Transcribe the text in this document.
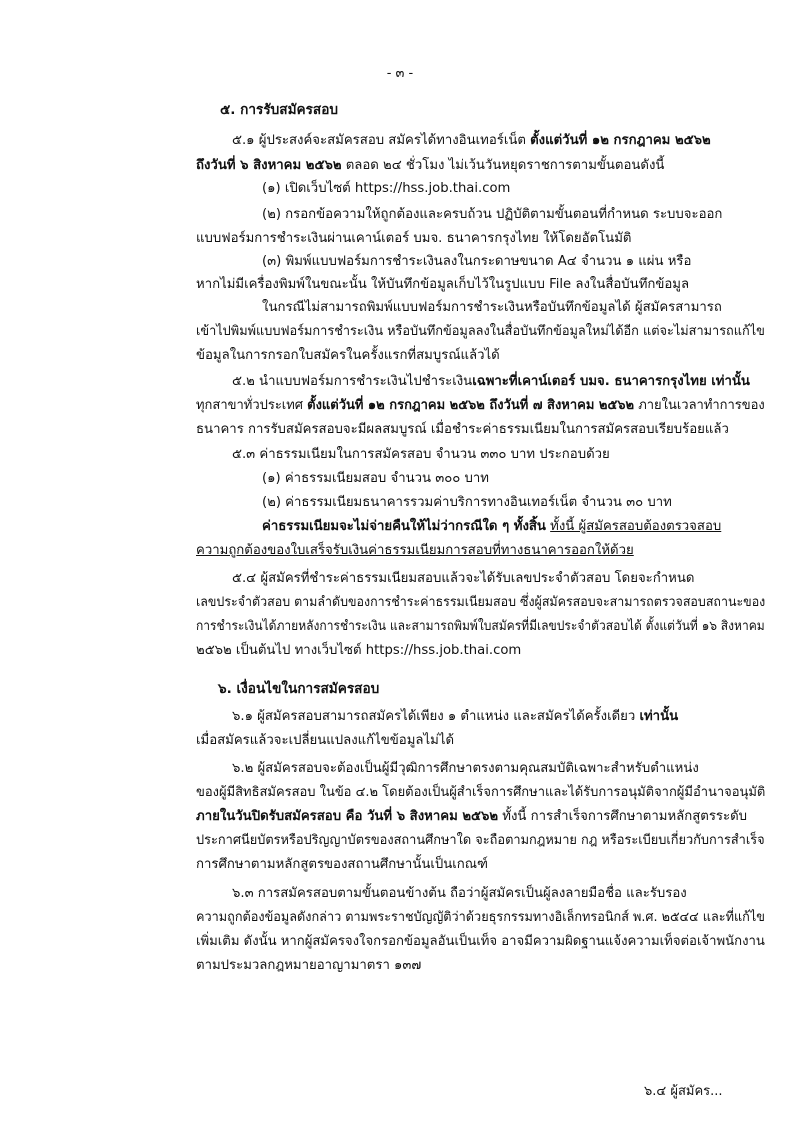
- ๓ -
๕. การรับสมัครสอบ
๕.๑ ผู้ประสงค์จะสมัครสอบ สมัครได้ทางอินเทอร์เน็ต ตั้งแต่วันที่ ๑๒ กรกฎาคม ๒๕๖๒
ถึงวันที่ ๖ สิงหาคม ๒๕๖๒ ตลอด ๒๔ ชั่วโมง ไม่เว้นวันหยุดราชการตามขั้นตอนดังนี้
(๑) เปิดเว็บไซต์ https://hss.job.thai.com
(๒) กรอกข้อความให้ถูกต้องและครบถ้วน ปฏิบัติตามขั้นตอนที่กำหนด ระบบจะออก
แบบฟอร์มการชำระเงินผ่านเคาน์เตอร์ บมจ. ธนาคารกรุงไทย ให้โดยอัตโนมัติ
(๓) พิมพ์แบบฟอร์มการชำระเงินลงในกระดาษขนาด A๔ จำนวน ๑ แผ่น หรือ
หากไม่มีเครื่องพิมพ์ในขณะนั้น ให้บันทึกข้อมูลเก็บไว้ในรูปแบบ File ลงในสื่อบันทึกข้อมูล
ในกรณีไม่สามารถพิมพ์แบบฟอร์มการชำระเงินหรือบันทึกข้อมูลได้ ผู้สมัครสามารถ
เข้าไปพิมพ์แบบฟอร์มการชำระเงิน หรือบันทึกข้อมูลลงในสื่อบันทึกข้อมูลใหม่ได้อีก แต่จะไม่สามารถแก้ไข
ข้อมูลในการกรอกใบสมัครในครั้งแรกที่สมบูรณ์แล้วได้
๕.๒ นำแบบฟอร์มการชำระเงินไปชำระเงินเฉพาะที่เคาน์เตอร์ บมจ. ธนาคารกรุงไทย เท่านั้น
ทุกสาขาทั่วประเทศ ตั้งแต่วันที่ ๑๒ กรกฎาคม ๒๕๖๒ ถึงวันที่ ๗ สิงหาคม ๒๕๖๒ ภายในเวลาทำการของ
ธนาคาร การรับสมัครสอบจะมีผลสมบูรณ์ เมื่อชำระค่าธรรมเนียมในการสมัครสอบเรียบร้อยแล้ว
๕.๓ ค่าธรรมเนียมในการสมัครสอบ จำนวน ๓๓๐ บาท ประกอบด้วย
(๑) ค่าธรรมเนียมสอบ จำนวน ๓๐๐ บาท
(๒) ค่าธรรมเนียมธนาคารรวมค่าบริการทางอินเทอร์เน็ต จำนวน ๓๐ บาท
ค่าธรรมเนียมจะไม่จ่ายคืนให้ไม่ว่ากรณีใด ๆ ทั้งสิ้น ทั้งนี้ ผู้สมัครสอบต้องตรวจสอบ
ความถูกต้องของใบเสร็จรับเงินค่าธรรมเนียมการสอบที่ทางธนาคารออกให้ด้วย
๕.๔ ผู้สมัครที่ชำระค่าธรรมเนียมสอบแล้วจะได้รับเลขประจำตัวสอบ โดยจะกำหนด
เลขประจำตัวสอบ ตามลำดับของการชำระค่าธรรมเนียมสอบ ซึ่งผู้สมัครสอบจะสามารถตรวจสอบสถานะของ
การชำระเงินได้ภายหลังการชำระเงิน และสามารถพิมพ์ใบสมัครที่มีเลขประจำตัวสอบได้ ตั้งแต่วันที่ ๑๖ สิงหาคม
๒๕๖๒ เป็นต้นไป ทางเว็บไซต์ https://hss.job.thai.com
๖. เงื่อนไขในการสมัครสอบ
๖.๑ ผู้สมัครสอบสามารถสมัครได้เพียง ๑ ตำแหน่ง และสมัครได้ครั้งเดียว เท่านั้น
เมื่อสมัครแล้วจะเปลี่ยนแปลงแก้ไขข้อมูลไม่ได้
๖.๒ ผู้สมัครสอบจะต้องเป็นผู้มีวุฒิการศึกษาตรงตามคุณสมบัติเฉพาะสำหรับตำแหน่ง
ของผู้มีสิทธิสมัครสอบ ในข้อ ๔.๒ โดยต้องเป็นผู้สำเร็จการศึกษาและได้รับการอนุมัติจากผู้มีอำนาจอนุมัติ
ภายในวันปิดรับสมัครสอบ คือ วันที่ ๖ สิงหาคม ๒๕๖๒ ทั้งนี้ การสำเร็จการศึกษาตามหลักสูตรระดับ
ประกาศนียบัตรหรือปริญญาบัตรของสถานศึกษาใด จะถือตามกฎหมาย กฎ หรือระเบียบเกี่ยวกับการสำเร็จ
การศึกษาตามหลักสูตรของสถานศึกษานั้นเป็นเกณฑ์
๖.๓ การสมัครสอบตามขั้นตอนข้างต้น ถือว่าผู้สมัครเป็นผู้ลงลายมือชื่อ และรับรอง
ความถูกต้องข้อมูลดังกล่าว ตามพระราชบัญญัติว่าด้วยธุรกรรมทางอิเล็กทรอนิกส์ พ.ศ. ๒๕๔๔ และที่แก้ไข
เพิ่มเติม ดังนั้น หากผู้สมัครจงใจกรอกข้อมูลอันเป็นเท็จ อาจมีความผิดฐานแจ้งความเท็จต่อเจ้าพนักงาน
ตามประมวลกฎหมายอาญามาตรา ๑๓๗
๖.๔ ผู้สมัคร...
